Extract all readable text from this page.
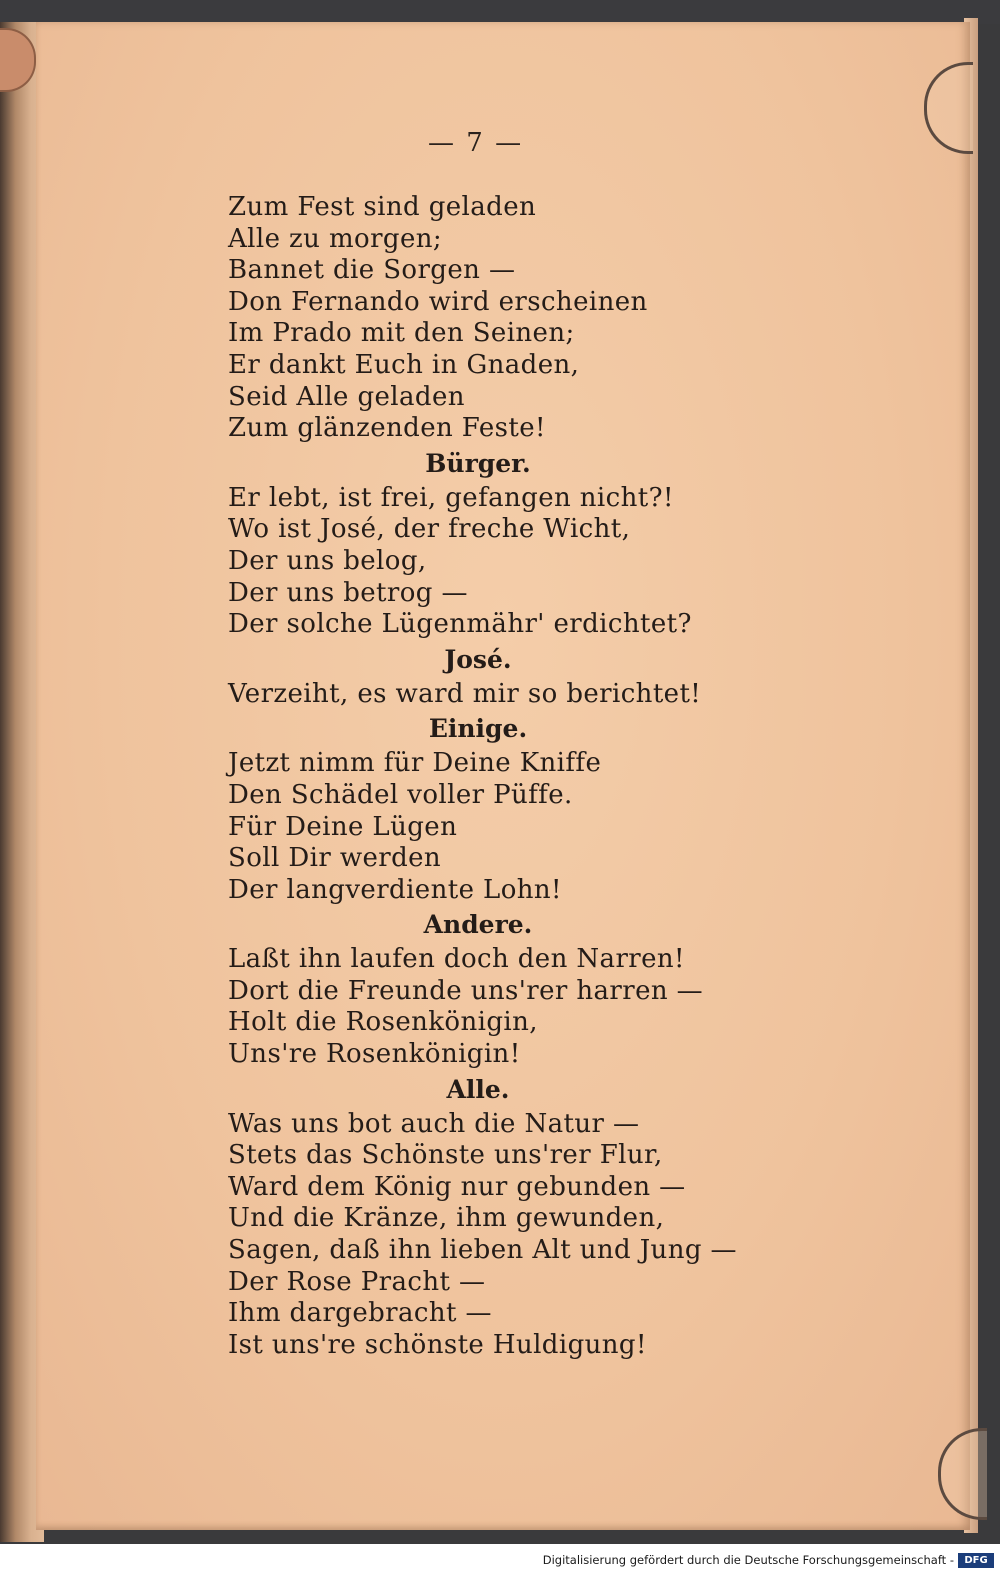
— 7 —
Zum Fest sind geladen
Alle zu morgen;
Bannet die Sorgen —
Don Fernando wird erscheinen
Im Prado mit den Seinen;
Er dankt Euch in Gnaden,
Seid Alle geladen
Zum glänzenden Feste!
Bürger.
Er lebt, ist frei, gefangen nicht?!
Wo ist José, der freche Wicht,
Der uns belog,
Der uns betrog —
Der solche Lügenmähr' erdichtet?
José.
Verzeiht, es ward mir so berichtet!
Einige.
Jetzt nimm für Deine Kniffe
Den Schädel voller Püffe.
Für Deine Lügen
Soll Dir werden
Der langverdiente Lohn!
Andere.
Laßt ihn laufen doch den Narren!
Dort die Freunde uns'rer harren —
Holt die Rosenkönigin,
Uns're Rosenkönigin!
Alle.
Was uns bot auch die Natur —
Stets das Schönste uns'rer Flur,
Ward dem König nur gebunden —
Und die Kränze, ihm gewunden,
Sagen, daß ihn lieben Alt und Jung —
Der Rose Pracht —
Ihm dargebracht —
Ist uns're schönste Huldigung!
Digitalisierung gefördert durch die Deutsche Forschungsgemeinschaft -	DFG
